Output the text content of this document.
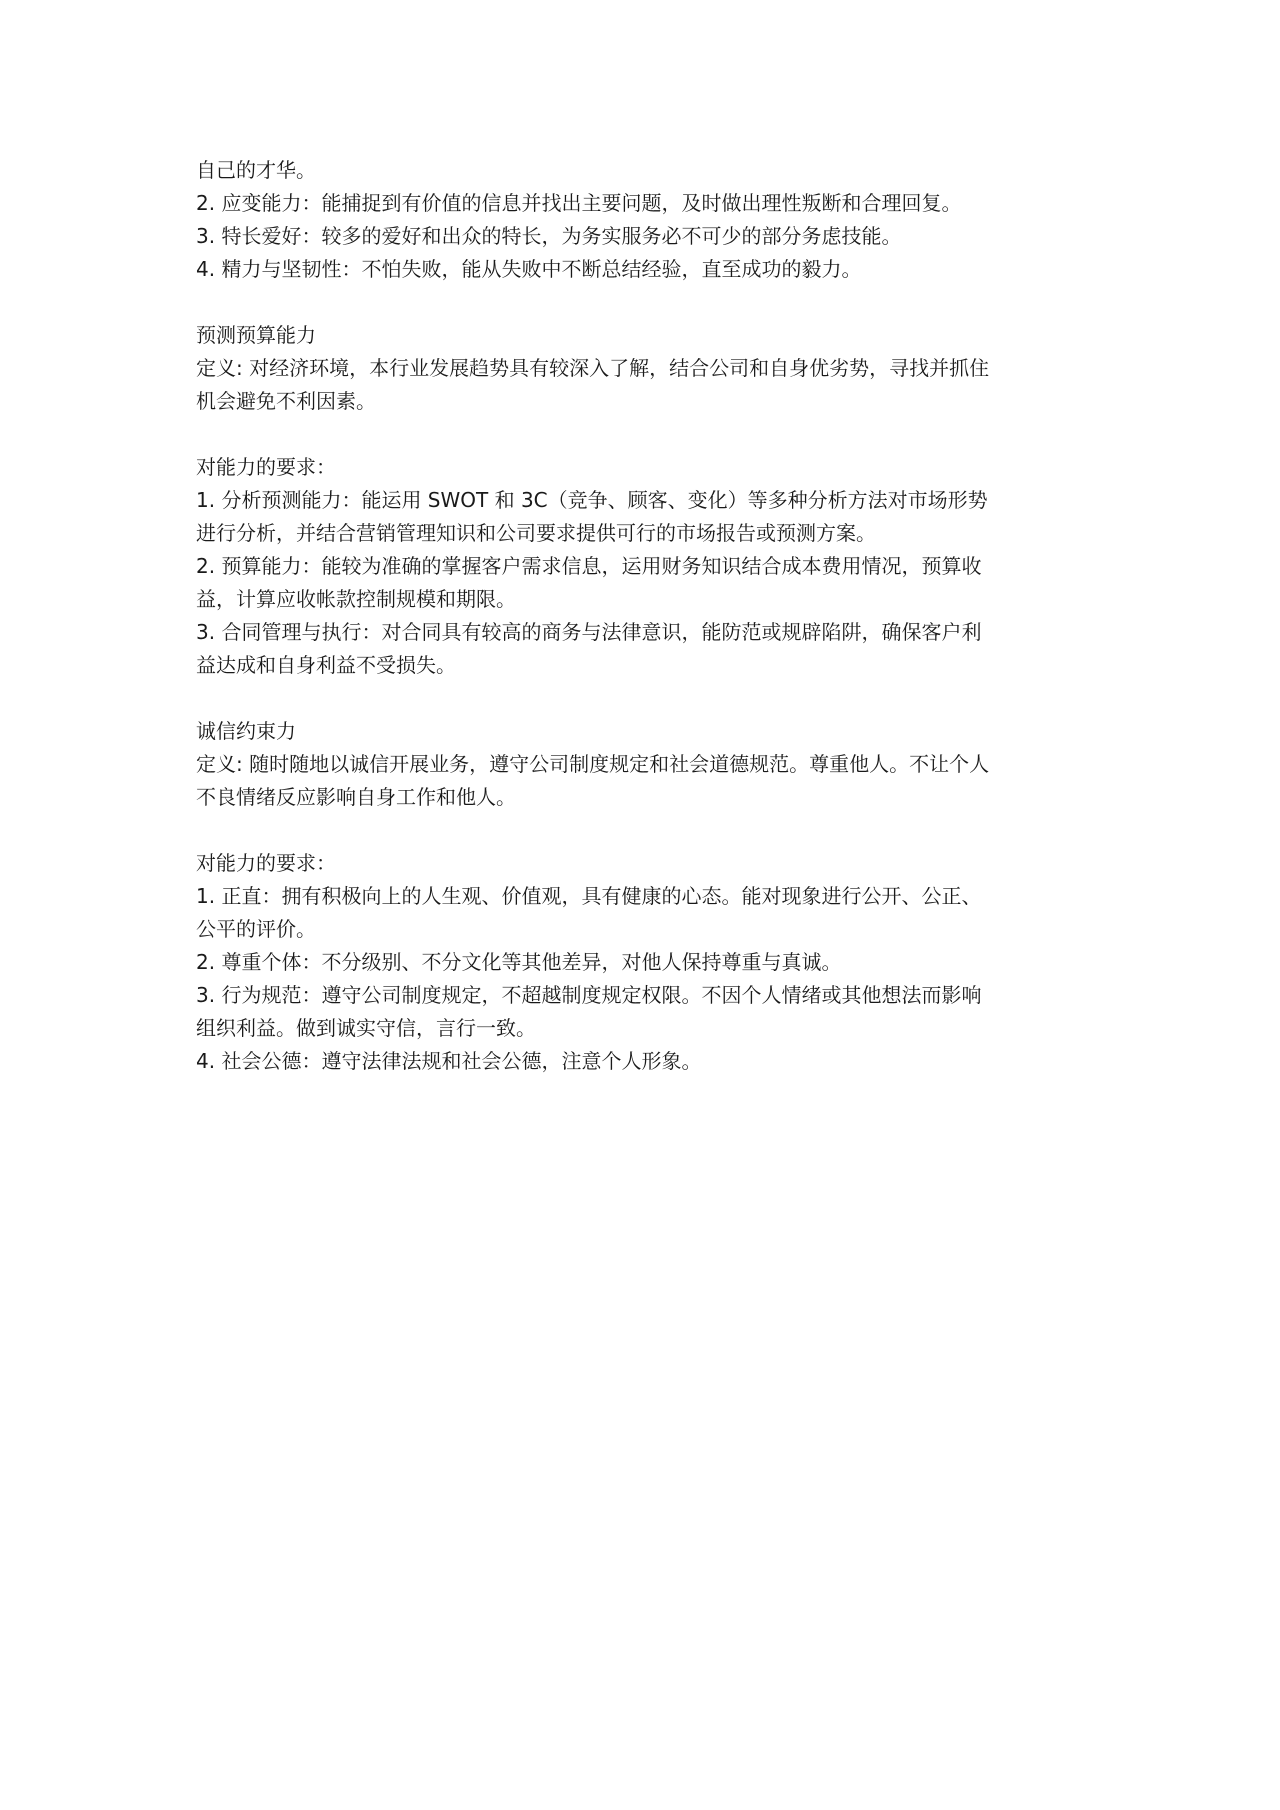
自己的才华。

2. 应变能力：能捕捉到有价值的信息并找出主要问题，及时做出理性叛断和合理回复。

3. 特长爱好：较多的爱好和出众的特长，为务实服务必不可少的部分务虑技能。

4. 精力与坚韧性：不怕失败，能从失败中不断总结经验，直至成功的毅力。

预测预算能力

定义: 对经济环境，本行业发展趋势具有较深入了解，结合公司和自身优劣势，寻找并抓住

机会避免不利因素。

对能力的要求：

1. 分析预测能力：能运用 SWOT 和 3C（竞争、顾客、变化）等多种分析方法对市场形势

进行分析，并结合营销管理知识和公司要求提供可行的市场报告或预测方案。

2. 预算能力：能较为准确的掌握客户需求信息，运用财务知识结合成本费用情况，预算收

益，计算应收帐款控制规模和期限。

3. 合同管理与执行：对合同具有较高的商务与法律意识，能防范或规辟陷阱，确保客户利

益达成和自身利益不受损失。

诚信约束力

定义: 随时随地以诚信开展业务，遵守公司制度规定和社会道德规范。尊重他人。不让个人

不良情绪反应影响自身工作和他人。

对能力的要求：

1. 正直：拥有积极向上的人生观、价值观，具有健康的心态。能对现象进行公开、公正、

公平的评价。

2. 尊重个体：不分级别、不分文化等其他差异，对他人保持尊重与真诚。

3. 行为规范：遵守公司制度规定，不超越制度规定权限。不因个人情绪或其他想法而影响

组织利益。做到诚实守信，言行一致。

4. 社会公德：遵守法律法规和社会公德，注意个人形象。
